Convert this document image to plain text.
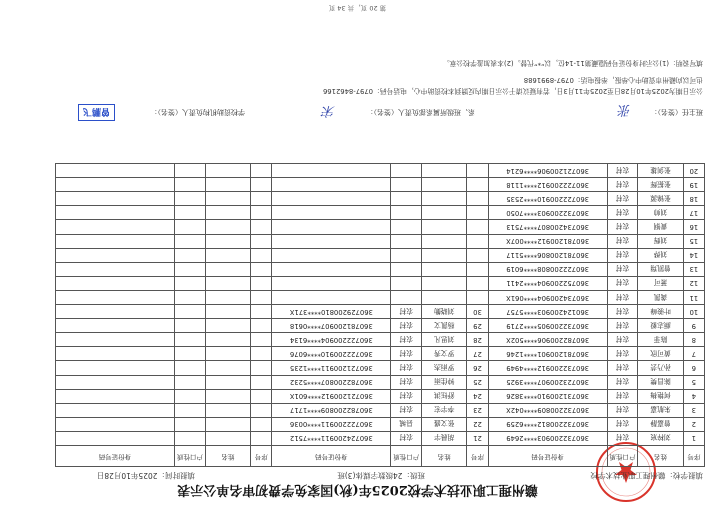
赣州理工职业技术学校2025年(秋)国家免学费初审名单公示表
填报学校：赣州理工职业技术学校
班级：24级数字媒体(3)班
填报时间：2025年10月28日
序号	姓名	户口性质	身份证号码	序号	姓名	户口性质	身份证号码	序号	姓名	户口性质	身份证号码
1	刘梓宸	农村	360732200903****2649	21	胡晨宇	农村	360724200911****7512				
2	曾嘉静	农村	360732200812****6259	22	张文盛	县城	360722200911****0036				
3	朱航嘉	农村	360732200809****042X	23	李宇宏	农村	360782200809****1717				
4	何艳梅	农村	360731200910****3826	24	舒钰淇	农村	360721200912****601X				
5	陈昌樊	农村	360723200907****3925	25	钟佳雨	农村	360782200807****5232				
6	孙乃芸	农村	360732200912****4949	26	罗雨杰	农村	360721200911****1235				
7	黄可欣	农村	360781200901****1246	27	罗文秀	农村	360722200910****6076				
8	陈菲	农村	360782200906****502X	28	刘思凡	农村	360722200904****6134				
9	颜志毅	农村	360732200905****2719	29	杨凯文	农村	360781200907****0618				
10	叶骏峰	农村	360124200903****5757	30	刘晓勤	农村	360729200810****371X				
11	龚凯	农村	360734200904****061X								
12	萧可	农村	360752200904****2411								
13	曾凯翔	农村	360722200808****6019								
14	刘烨	农村	360781200806****5117								
15	刘辉	农村	360781200912****007X								
16	黄钢	农村	360734200807****7513								
17	刘帅	农村	360732200903****7050								
18	张锦源	农村	360722200910****2535								
19	张振辉	农村	360722200912****1118								
20	张剑雄	农村	360721200906****6214								
班主任（签名）：
张
系、班级所属系部负责人（签名）：
宋
学校资助机构负责人（签名）：
曾鹏飞
公示日期为2025年10月28日至2025年11月3日，若有疑议请于公示日期内反馈到本校资助中心，电话号码：0797-8462166
也可以向赣州市资助中心举报，举报电话：0797-8991688
填写说明：(1)公示时身份证号码隐藏第11-14位，以“*”代替。(2)本表加盖学校公章。
第 20 页，共 34 页
